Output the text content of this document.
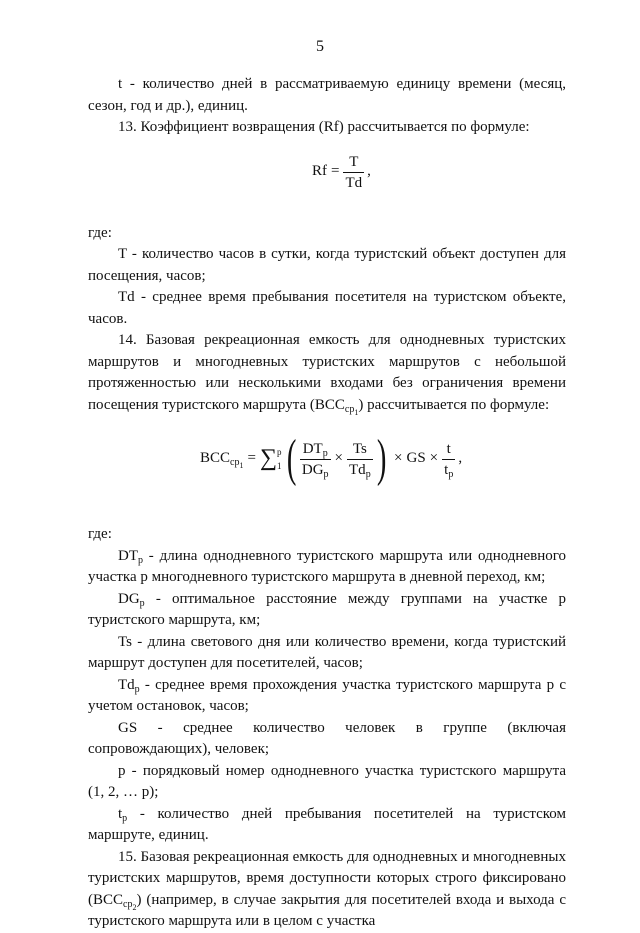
5

t - количество дней в рассматриваемую единицу времени (месяц, сезон, год и др.), единиц.

13. Коэффициент возвращения (Rf) рассчитывается по формуле:

$Rf = \frac{T}{Td}$ ,

где:

T - количество часов в сутки, когда туристский объект доступен для посещения, часов;

Td - среднее время пребывания посетителя на туристском объекте, часов.

14. Базовая рекреационная емкость для однодневных туристских маршрутов и многодневных туристских маршрутов с небольшой протяженностью или несколькими входами без ограничения времени посещения туристского маршрута $(BCC_{ср_1})$ рассчитывается по формуле:

$BCC_{ср_1}$ = ∑ p
1 ( $\frac{DT_p}{DG_p} \times \frac{Ts}{Td_p}$ ) × GS × $\frac{t}{t_p}$ ,

где:

$DT_p$ - длина однодневного туристского маршрута или однодневного участка p многодневного туристского маршрута в дневной переход, км;

$DG_p$ - оптимальное расстояние между группами на участке p туристского маршрута, км;

Ts - длина светового дня или количество времени, когда туристский маршрут доступен для посетителей, часов;

$Td_p$ - среднее время прохождения участка туристского маршрута p с учетом остановок, часов;

GS - среднее количество человек в группе (включая сопровождающих), человек;

p - порядковый номер однодневного участка туристского маршрута (1, 2, … p);

$t_p$ - количество дней пребывания посетителей на туристском маршруте, единиц.

15. Базовая рекреационная емкость для однодневных и многодневных туристских маршрутов, время доступности которых строго фиксировано $(BCC_{ср_2})$ (например, в случае закрытия для посетителей входа и выхода с туристского маршрута или в целом с участка
